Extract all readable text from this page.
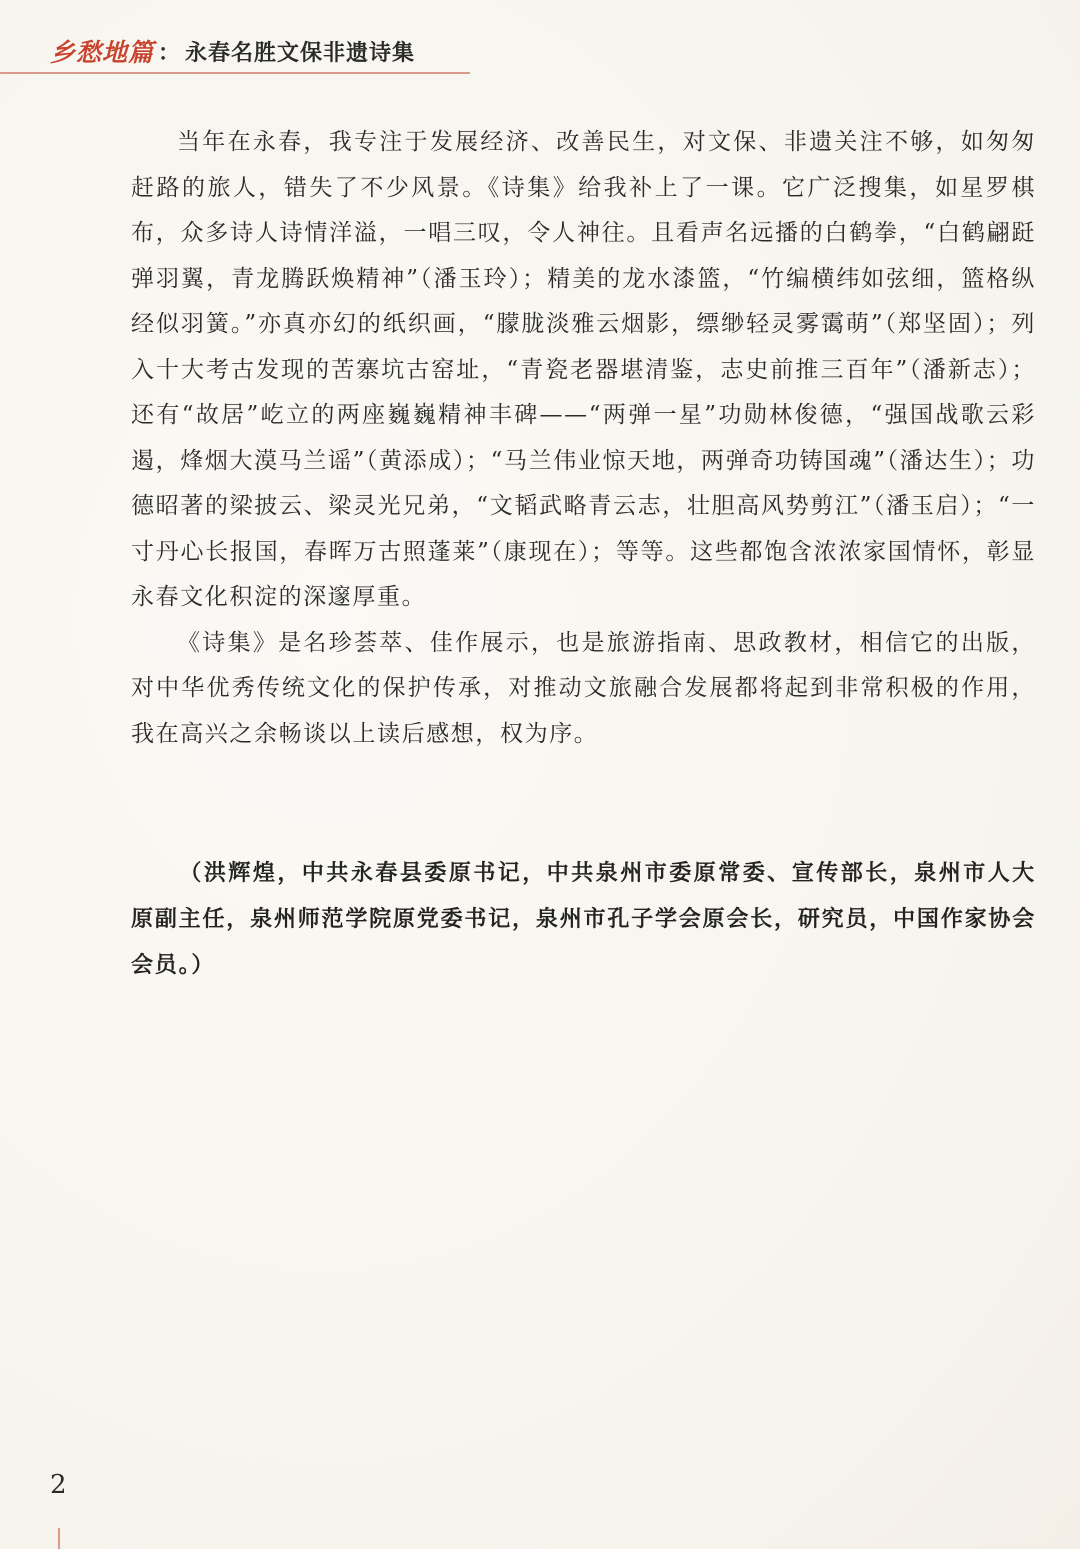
乡愁地篇 ： 永春名胜文保非遗诗集

当年在永春，我专注于发展经济、改善民生，对文保、非遗关注不够，如匆匆赶路的旅人，错失了不少风景。《诗集》给我补上了一课。它广泛搜集，如星罗棋布，众多诗人诗情洋溢，一唱三叹，令人神往。且看声名远播的白鹤拳，“白鹤翩跹弹羽翼，青龙腾跃焕精神”（潘玉玲）；精美的龙水漆篮，“竹编横纬如弦细，篮格纵经似羽簧。”亦真亦幻的纸织画，“朦胧淡雅云烟影，缥缈轻灵雾霭萌”（郑坚固）；列入十大考古发现的苦寨坑古窑址，“青瓷老器堪清鉴，志史前推三百年”（潘新志）；还有“故居”屹立的两座巍巍精神丰碑——“两弹一星”功勋林俊德，“强国战歌云彩遏，烽烟大漠马兰谣”（黄添成）；“马兰伟业惊天地，两弹奇功铸国魂”（潘达生）；功德昭著的梁披云、梁灵光兄弟，“文韬武略青云志，壮胆高风势剪江”（潘玉启）；“一寸丹心长报国，春晖万古照蓬莱”（康现在）；等等。这些都饱含浓浓家国情怀，彰显永春文化积淀的深邃厚重。

《诗集》是名珍荟萃、佳作展示，也是旅游指南、思政教材，相信它的出版，对中华优秀传统文化的保护传承，对推动文旅融合发展都将起到非常积极的作用，我在高兴之余畅谈以上读后感想，权为序。

（洪辉煌，中共永春县委原书记，中共泉州市委原常委、宣传部长，泉州市人大原副主任，泉州师范学院原党委书记，泉州市孔子学会原会长，研究员，中国作家协会会员。）

2
